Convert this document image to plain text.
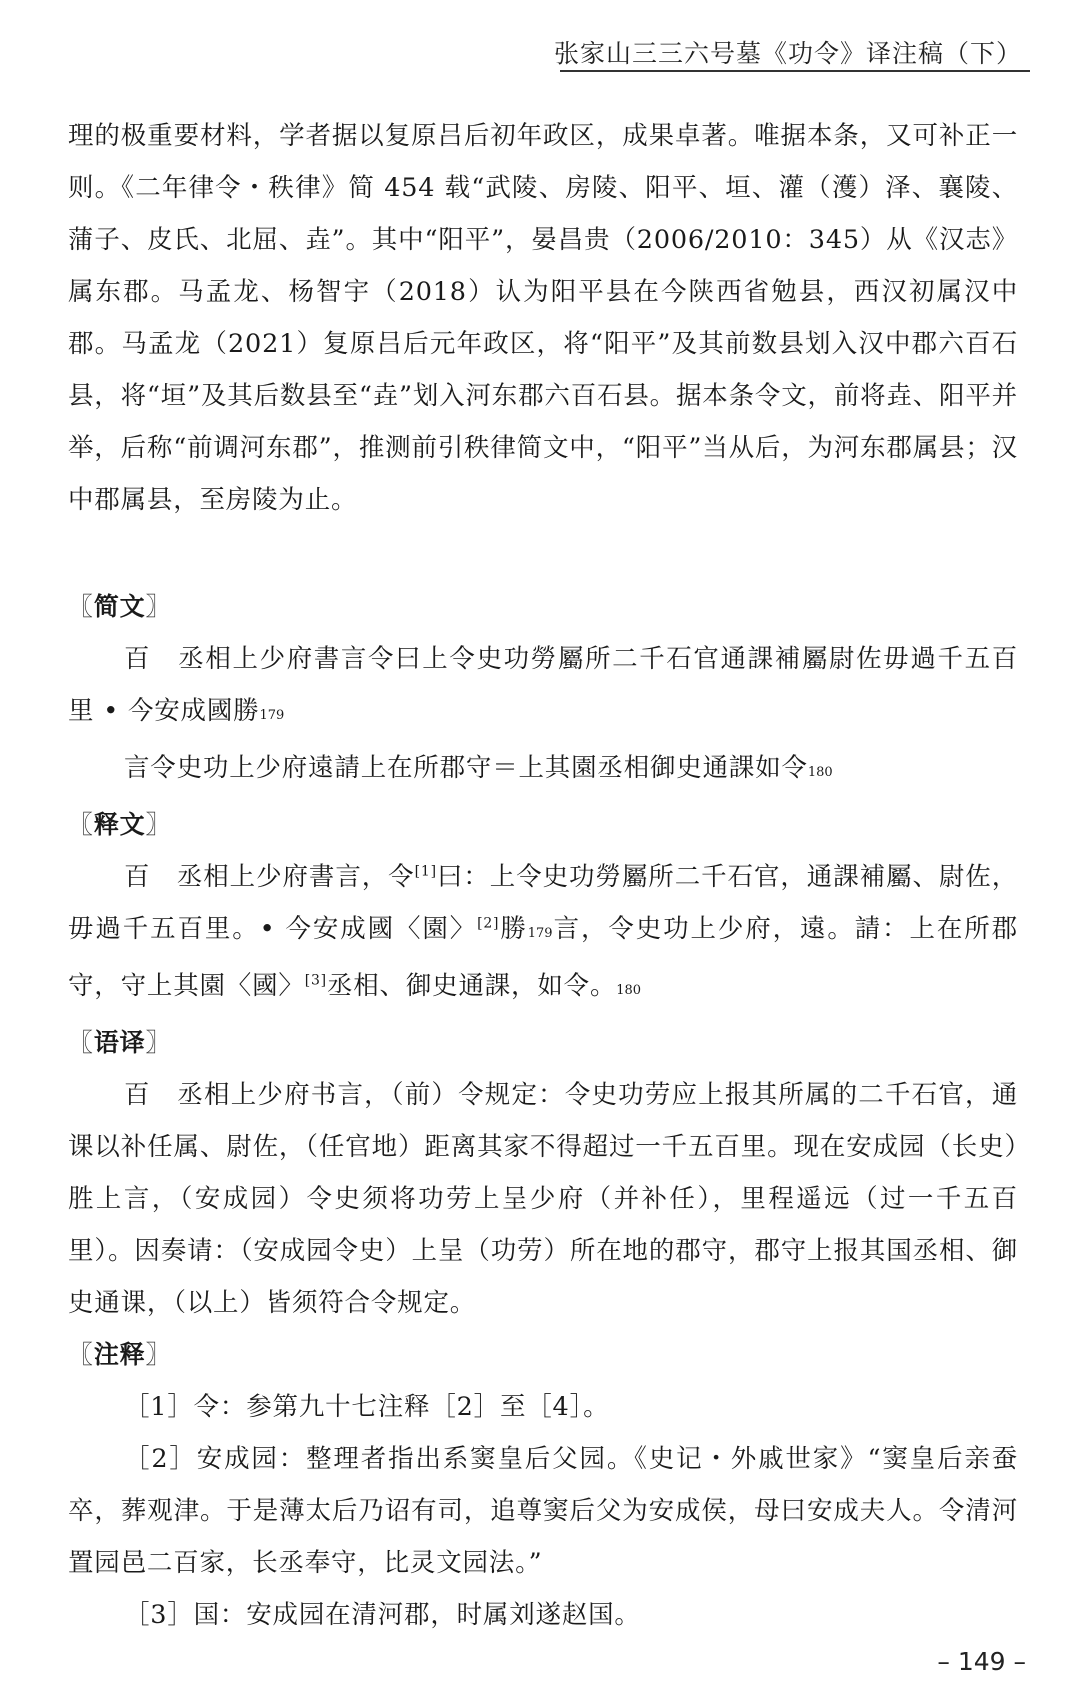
张家山三三六号墓《功令》译注稿（下）

理的极重要材料，学者据以复原吕后初年政区，成果卓著。唯据本条，又可补正一则。《二年律令・秩律》简 454 载“武陵、房陵、阳平、垣、灌（濩）泽、襄陵、蒲子、皮氏、北屈、垚”。其中“阳平”，晏昌贵（2006/2010：345）从《汉志》属东郡。马孟龙、杨智宇（2018）认为阳平县在今陕西省勉县，西汉初属汉中郡。马孟龙（2021）复原吕后元年政区，将“阳平”及其前数县划入汉中郡六百石县，将“垣”及其后数县至“垚”划入河东郡六百石县。据本条令文，前将垚、阳平并举，后称“前调河东郡”，推测前引秩律简文中，“阳平”当从后，为河东郡属县；汉中郡属县，至房陵为止。

〖简文〗

百　丞相上少府書言令曰上令史功勞屬所二千石官通課補屬尉佐毋過千五百里 • 今安成國勝179

言令史功上少府遠請上在所郡守＝上其園丞相御史通課如令180

〖释文〗

百　丞相上少府書言，令[1]曰：上令史功勞屬所二千石官，通課補屬、尉佐，毋過千五百里。• 今安成國〈園〉[2]勝179言，令史功上少府，遠。請：上在所郡守，守上其園〈國〉[3]丞相、御史通課，如令。180

〖语译〗

百　丞相上少府书言，（前）令规定：令史功劳应上报其所属的二千石官，通课以补任属、尉佐，（任官地）距离其家不得超过一千五百里。现在安成园（长史）胜上言，（安成园）令史须将功劳上呈少府（并补任），里程遥远（过一千五百里）。因奏请：（安成园令史）上呈（功劳）所在地的郡守，郡守上报其国丞相、御史通课，（以上）皆须符合令规定。

〖注释〗

［1］令：参第九十七注释［2］至［4］。

［2］安成园：整理者指出系窦皇后父园。《史记・外戚世家》“窦皇后亲蚕卒，葬观津。于是薄太后乃诏有司，追尊窦后父为安成侯，母曰安成夫人。令清河置园邑二百家，长丞奉守，比灵文园法。”

［3］国：安成园在清河郡，时属刘遂赵国。

– 149 –
